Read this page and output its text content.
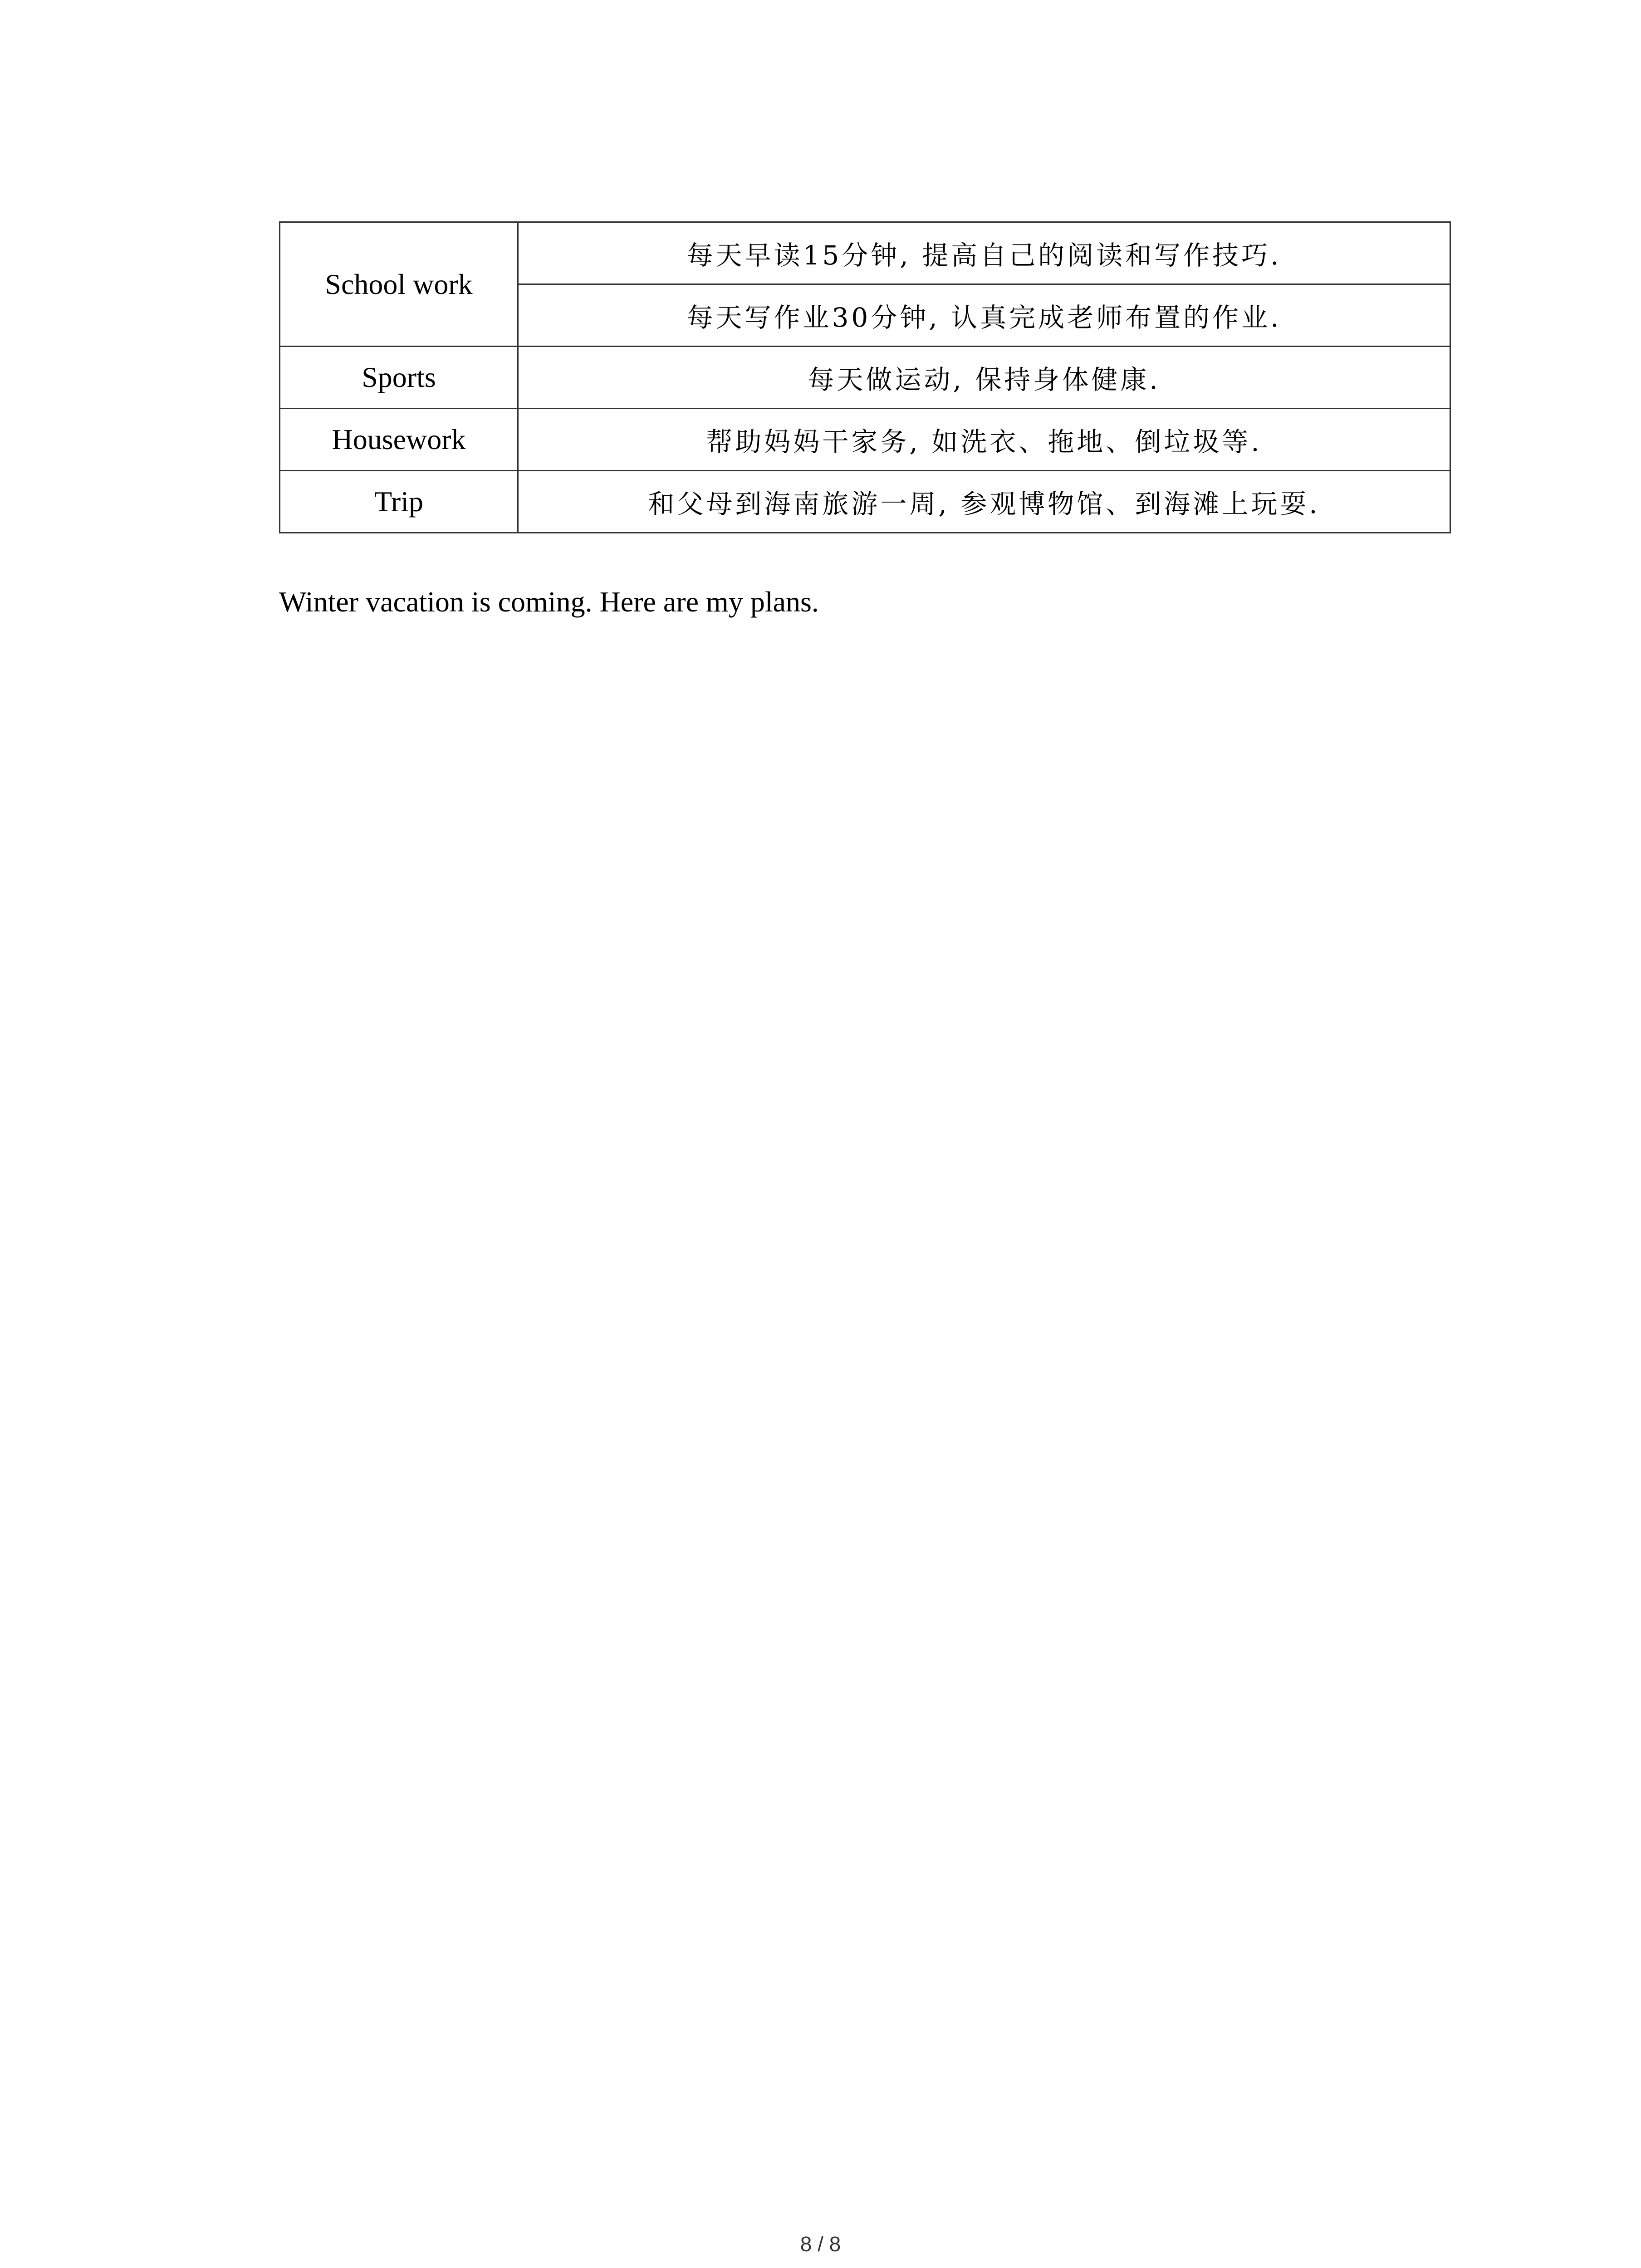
School work	每天早读15分钟, 提高自己的阅读和写作技巧.
	每天写作业30分钟, 认真完成老师布置的作业.
Sports	每天做运动, 保持身体健康.
Housework	帮助妈妈干家务, 如洗衣、拖地、倒垃圾等.
Trip	和父母到海南旅游一周, 参观博物馆、到海滩上玩耍.
Winter vacation is coming. Here are my plans.
8 / 8
